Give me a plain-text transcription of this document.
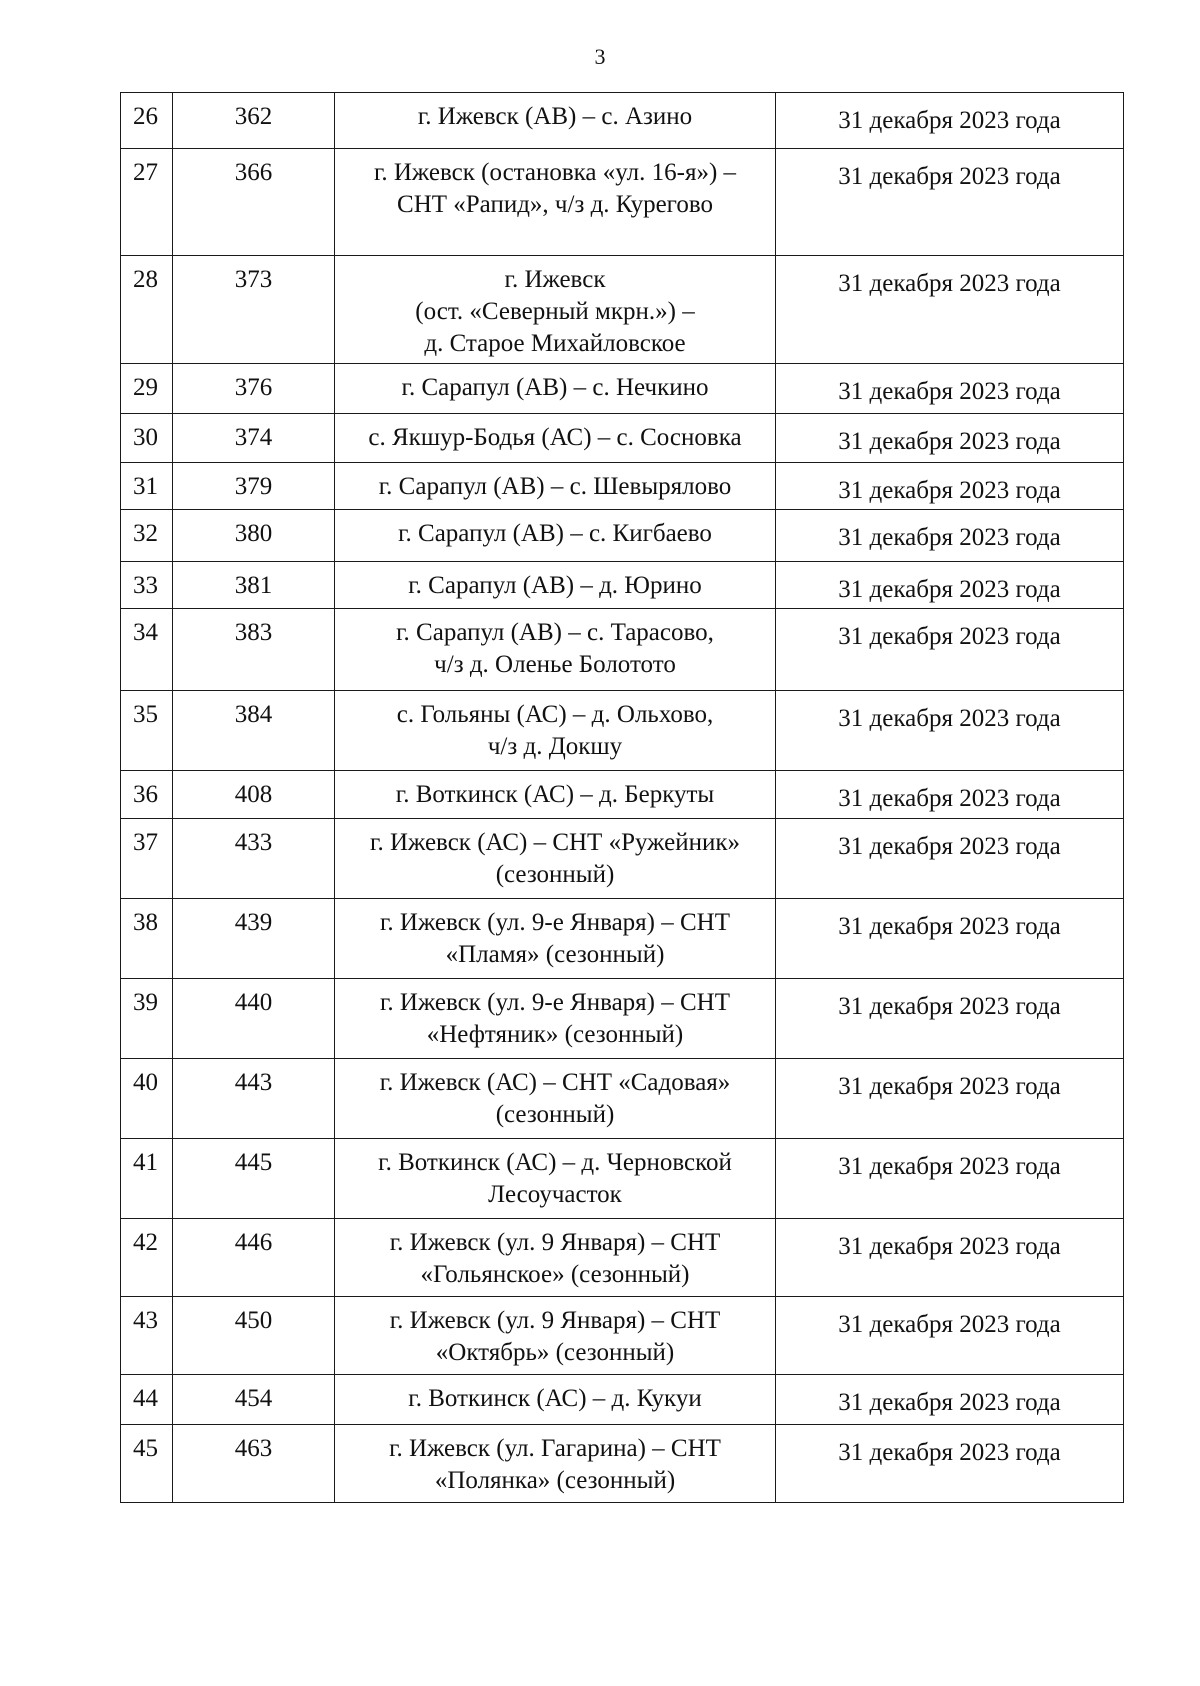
3
26	362	г. Ижевск (АВ) – с. Азино	31 декабря 2023 года
27	366	г. Ижевск (остановка «ул. 16-я») –
СНТ «Рапид», ч/з д. Курегово	31 декабря 2023 года
28	373	г. Ижевск
(ост. «Северный мкрн.») –
д. Старое Михайловское	31 декабря 2023 года
29	376	г. Сарапул (АВ) – с. Нечкино	31 декабря 2023 года
30	374	с. Якшур-Бодья (АС) – с. Сосновка	31 декабря 2023 года
31	379	г. Сарапул (АВ) – с. Шевырялово	31 декабря 2023 года
32	380	г. Сарапул (АВ) – с. Кигбаево	31 декабря 2023 года
33	381	г. Сарапул (АВ) – д. Юрино	31 декабря 2023 года
34	383	г. Сарапул (АВ) – с. Тарасово,
ч/з д. Оленье Болотото	31 декабря 2023 года
35	384	с. Гольяны (АС) – д. Ольхово,
ч/з д. Докшу	31 декабря 2023 года
36	408	г. Воткинск (АС) – д. Беркуты	31 декабря 2023 года
37	433	г. Ижевск (АС) – СНТ «Ружейник»
(сезонный)	31 декабря 2023 года
38	439	г. Ижевск (ул. 9-е Января) – СНТ
«Пламя» (сезонный)	31 декабря 2023 года
39	440	г. Ижевск (ул. 9-е Января) – СНТ
«Нефтяник» (сезонный)	31 декабря 2023 года
40	443	г. Ижевск (АС) – СНТ «Садовая»
(сезонный)	31 декабря 2023 года
41	445	г. Воткинск (АС) – д. Черновской
Лесоучасток	31 декабря 2023 года
42	446	г. Ижевск (ул. 9 Января) – СНТ
«Гольянское» (сезонный)	31 декабря 2023 года
43	450	г. Ижевск (ул. 9 Января) – СНТ
«Октябрь» (сезонный)	31 декабря 2023 года
44	454	г. Воткинск (АС) – д. Кукуи	31 декабря 2023 года
45	463	г. Ижевск (ул. Гагарина) – СНТ
«Полянка» (сезонный)	31 декабря 2023 года
